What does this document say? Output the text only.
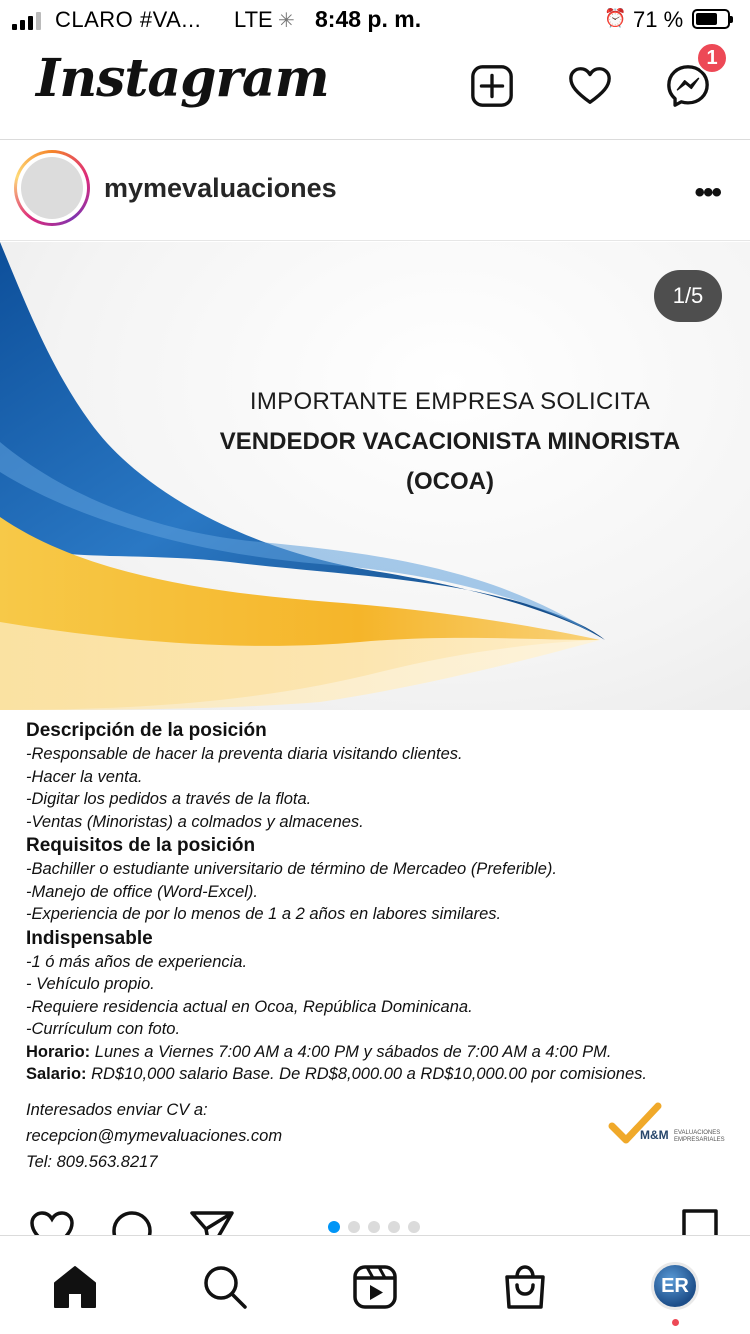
CLARO #VA... LTE ✳ 8:48 p. m.	⏰ 71 %
Instagram	1
mymevaluaciones	•••
1/5
IMPORTANTE EMPRESA SOLICITA
VENDEDOR VACACIONISTA MINORISTA
(OCOA)
Descripción de la posición
-Responsable de hacer la preventa diaria visitando clientes.
-Hacer la venta.
-Digitar los pedidos a través de la flota.
-Ventas (Minoristas) a colmados y almacenes.
Requisitos de la posición
-Bachiller o estudiante universitario de término de Mercadeo (Preferible).
-Manejo de office (Word-Excel).
-Experiencia de por lo menos de 1 a 2 años en labores similares.
Indispensable
-1 ó más años de experiencia.
- Vehículo propio.
-Requiere residencia actual en Ocoa, República Dominicana.
-Currículum con foto.
Horario: Lunes a Viernes 7:00 AM a 4:00 PM y sábados de 7:00 AM a 4:00 PM.
Salario: RD$10,000 salario Base. De RD$8,000.00 a RD$10,000.00 por comisiones.
Interesados enviar CV a:
recepcion@mymevaluaciones.com
Tel: 809.563.8217
M&M EVALUACIONES EMPRESARIALES
ER
